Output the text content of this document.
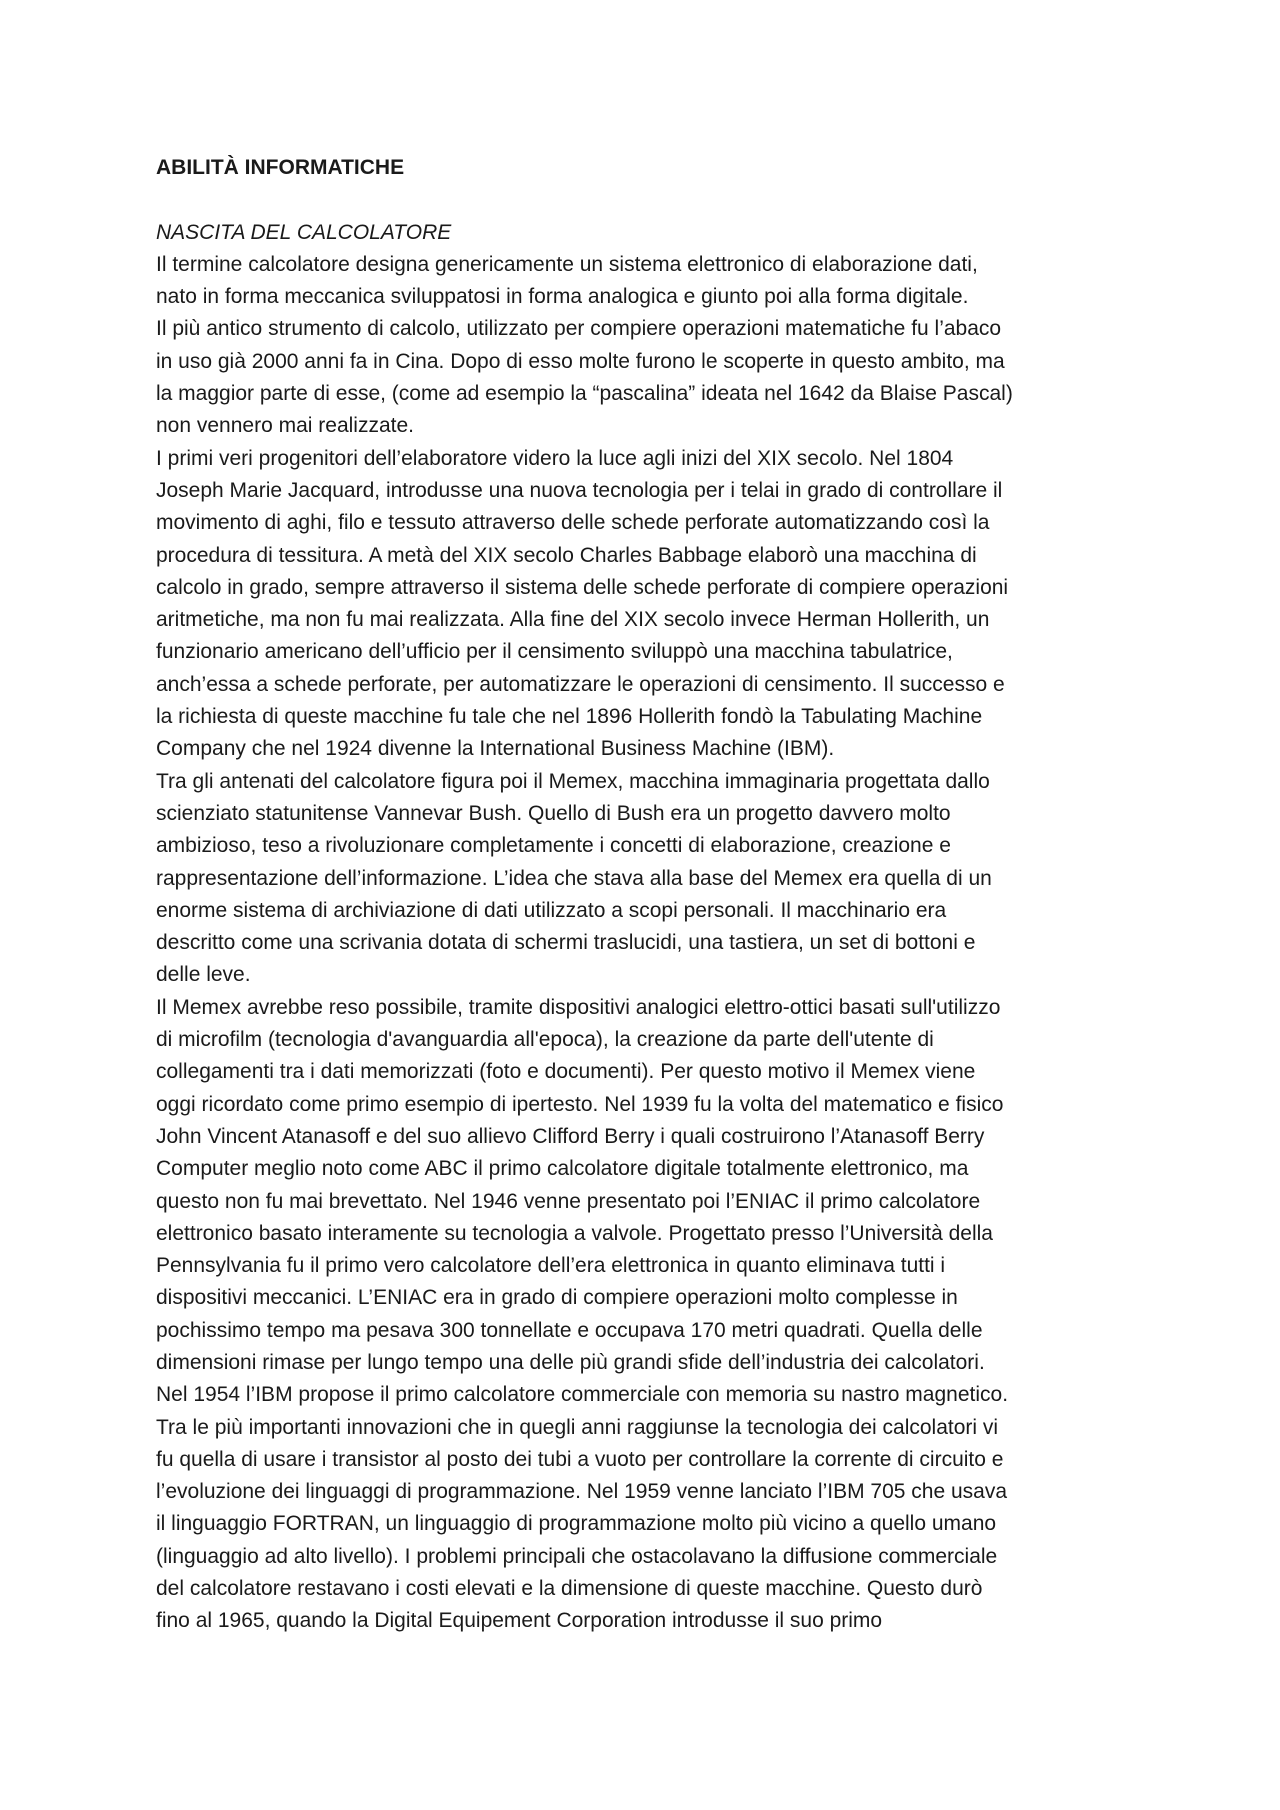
ABILITÀ INFORMATICHE

NASCITA DEL CALCOLATORE

Il termine calcolatore designa genericamente un sistema elettronico di elaborazione dati,

nato in forma meccanica sviluppatosi in forma analogica e giunto poi alla forma digitale.

Il più antico strumento di calcolo, utilizzato per compiere operazioni matematiche fu l’abaco

in uso già 2000 anni fa in Cina. Dopo di esso molte furono le scoperte in questo ambito, ma

la maggior parte di esse, (come ad esempio la “pascalina” ideata nel 1642 da Blaise Pascal)

non vennero mai realizzate.

I primi veri progenitori dell’elaboratore videro la luce agli inizi del XIX secolo. Nel 1804

Joseph Marie Jacquard, introdusse una nuova tecnologia per i telai in grado di controllare il

movimento di aghi, filo e tessuto attraverso delle schede perforate automatizzando così la

procedura di tessitura. A metà del XIX secolo Charles Babbage elaborò una macchina di

calcolo in grado, sempre attraverso il sistema delle schede perforate di compiere operazioni

aritmetiche, ma non fu mai realizzata. Alla fine del XIX secolo invece Herman Hollerith, un

funzionario americano dell’ufficio per il censimento sviluppò una macchina tabulatrice,

anch’essa a schede perforate, per automatizzare le operazioni di censimento. Il successo e

la richiesta di queste macchine fu tale che nel 1896 Hollerith fondò la Tabulating Machine

Company che nel 1924 divenne la International Business Machine (IBM).

Tra gli antenati del calcolatore figura poi il Memex, macchina immaginaria progettata dallo

scienziato statunitense Vannevar Bush. Quello di Bush era un progetto davvero molto

ambizioso, teso a rivoluzionare completamente i concetti di elaborazione, creazione e

rappresentazione dell’informazione. L’idea che stava alla base del Memex era quella di un

enorme sistema di archiviazione di dati utilizzato a scopi personali. Il macchinario era

descritto come una scrivania dotata di schermi traslucidi, una tastiera, un set di bottoni e

delle leve.

Il Memex avrebbe reso possibile, tramite dispositivi analogici elettro-ottici basati sull'utilizzo

di microfilm (tecnologia d'avanguardia all'epoca), la creazione da parte dell'utente di

collegamenti tra i dati memorizzati (foto e documenti). Per questo motivo il Memex viene

oggi ricordato come primo esempio di ipertesto. Nel 1939 fu la volta del matematico e fisico

John Vincent Atanasoff e del suo allievo Clifford Berry i quali costruirono l’Atanasoff Berry

Computer meglio noto come ABC il primo calcolatore digitale totalmente elettronico, ma

questo non fu mai brevettato. Nel 1946 venne presentato poi l’ENIAC il primo calcolatore

elettronico basato interamente su tecnologia a valvole. Progettato presso l’Università della

Pennsylvania fu il primo vero calcolatore dell’era elettronica in quanto eliminava tutti i

dispositivi meccanici. L’ENIAC era in grado di compiere operazioni molto complesse in

pochissimo tempo ma pesava 300 tonnellate e occupava 170 metri quadrati. Quella delle

dimensioni rimase per lungo tempo una delle più grandi sfide dell’industria dei calcolatori.

Nel 1954 l’IBM propose il primo calcolatore commerciale con memoria su nastro magnetico.

Tra le più importanti innovazioni che in quegli anni raggiunse la tecnologia dei calcolatori vi

fu quella di usare i transistor al posto dei tubi a vuoto per controllare la corrente di circuito e

l’evoluzione dei linguaggi di programmazione. Nel 1959 venne lanciato l’IBM 705 che usava

il linguaggio FORTRAN, un linguaggio di programmazione molto più vicino a quello umano

(linguaggio ad alto livello). I problemi principali che ostacolavano la diffusione commerciale

del calcolatore restavano i costi elevati e la dimensione di queste macchine. Questo durò

fino al 1965, quando la Digital Equipement Corporation introdusse il suo primo
